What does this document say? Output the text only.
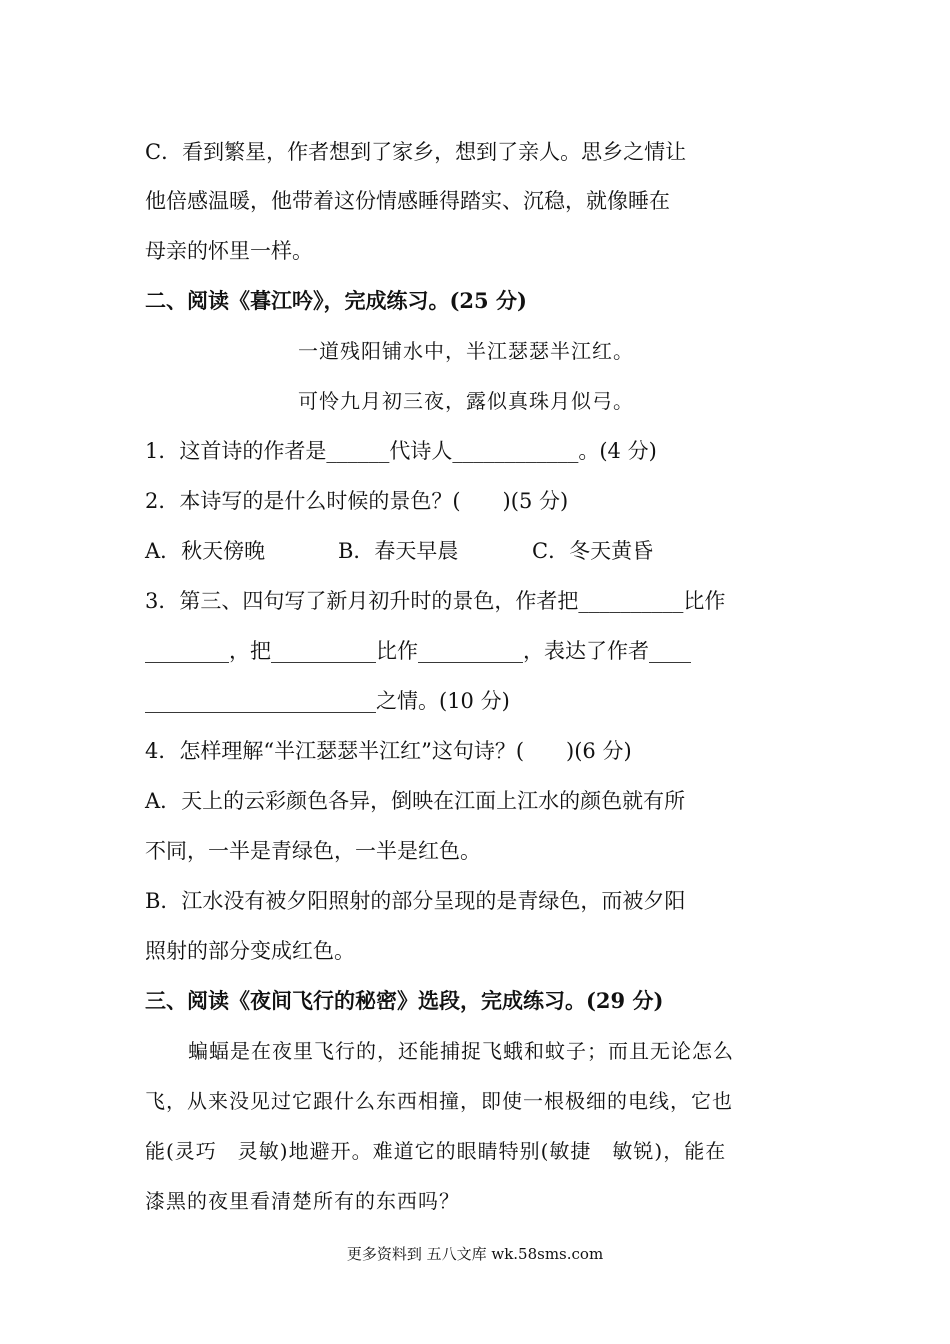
C．看到繁星，作者想到了家乡，想到了亲人。思乡之情让
他倍感温暖，他带着这份情感睡得踏实、沉稳，就像睡在
母亲的怀里一样。
二、阅读《暮江吟》，完成练习。(25 分)
一道残阳铺水中，半江瑟瑟半江红。
可怜九月初三夜，露似真珠月似弓。
1．这首诗的作者是______代诗人____________。(4 分)
2．本诗写的是什么时候的景色？(　　)(5 分)
A．秋天傍晚	B．春天早晨	C．冬天黄昏
3．第三、四句写了新月初升时的景色，作者把__________比作
________，把__________比作__________，表达了作者____
______________________之情。(10 分)
4．怎样理解“半江瑟瑟半江红”这句诗？(　　)(6 分)
A．天上的云彩颜色各异，倒映在江面上江水的颜色就有所
不同，一半是青绿色，一半是红色。
B．江水没有被夕阳照射的部分呈现的是青绿色，而被夕阳
照射的部分变成红色。
三、阅读《夜间飞行的秘密》选段，完成练习。(29 分)
蝙蝠是在夜里飞行的，还能捕捉飞蛾和蚊子；而且无论怎么
飞，从来没见过它跟什么东西相撞，即使一根极细的电线，它也
能(灵巧　灵敏)地避开。难道它的眼睛特别(敏捷　敏锐)，能在
漆黑的夜里看清楚所有的东西吗？
更多资料到 五八文库 wk.58sms.com
